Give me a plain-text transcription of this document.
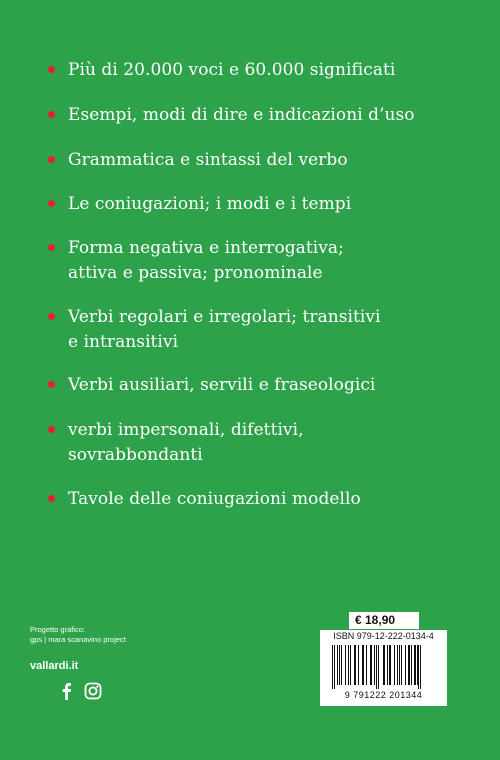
Più di 20.000 voci e 60.000 significati
Esempi, modi di dire e indicazioni d’uso
Grammatica e sintassi del verbo
Le coniugazioni; i modi e i tempi
Forma negativa e interrogativa;
attiva e passiva; pronominale
Verbi regolari e irregolari; transitivi
e intransitivi
Verbi ausiliari, servili e fraseologici
verbi impersonali, difettivi,
sovrabbondanti
Tavole delle coniugazioni modello
Progetto grafico:
gps | mara scanavino project
vallardi.it
€ 18,90
ISBN 979-12-222-0134-4
9 791222 201344
